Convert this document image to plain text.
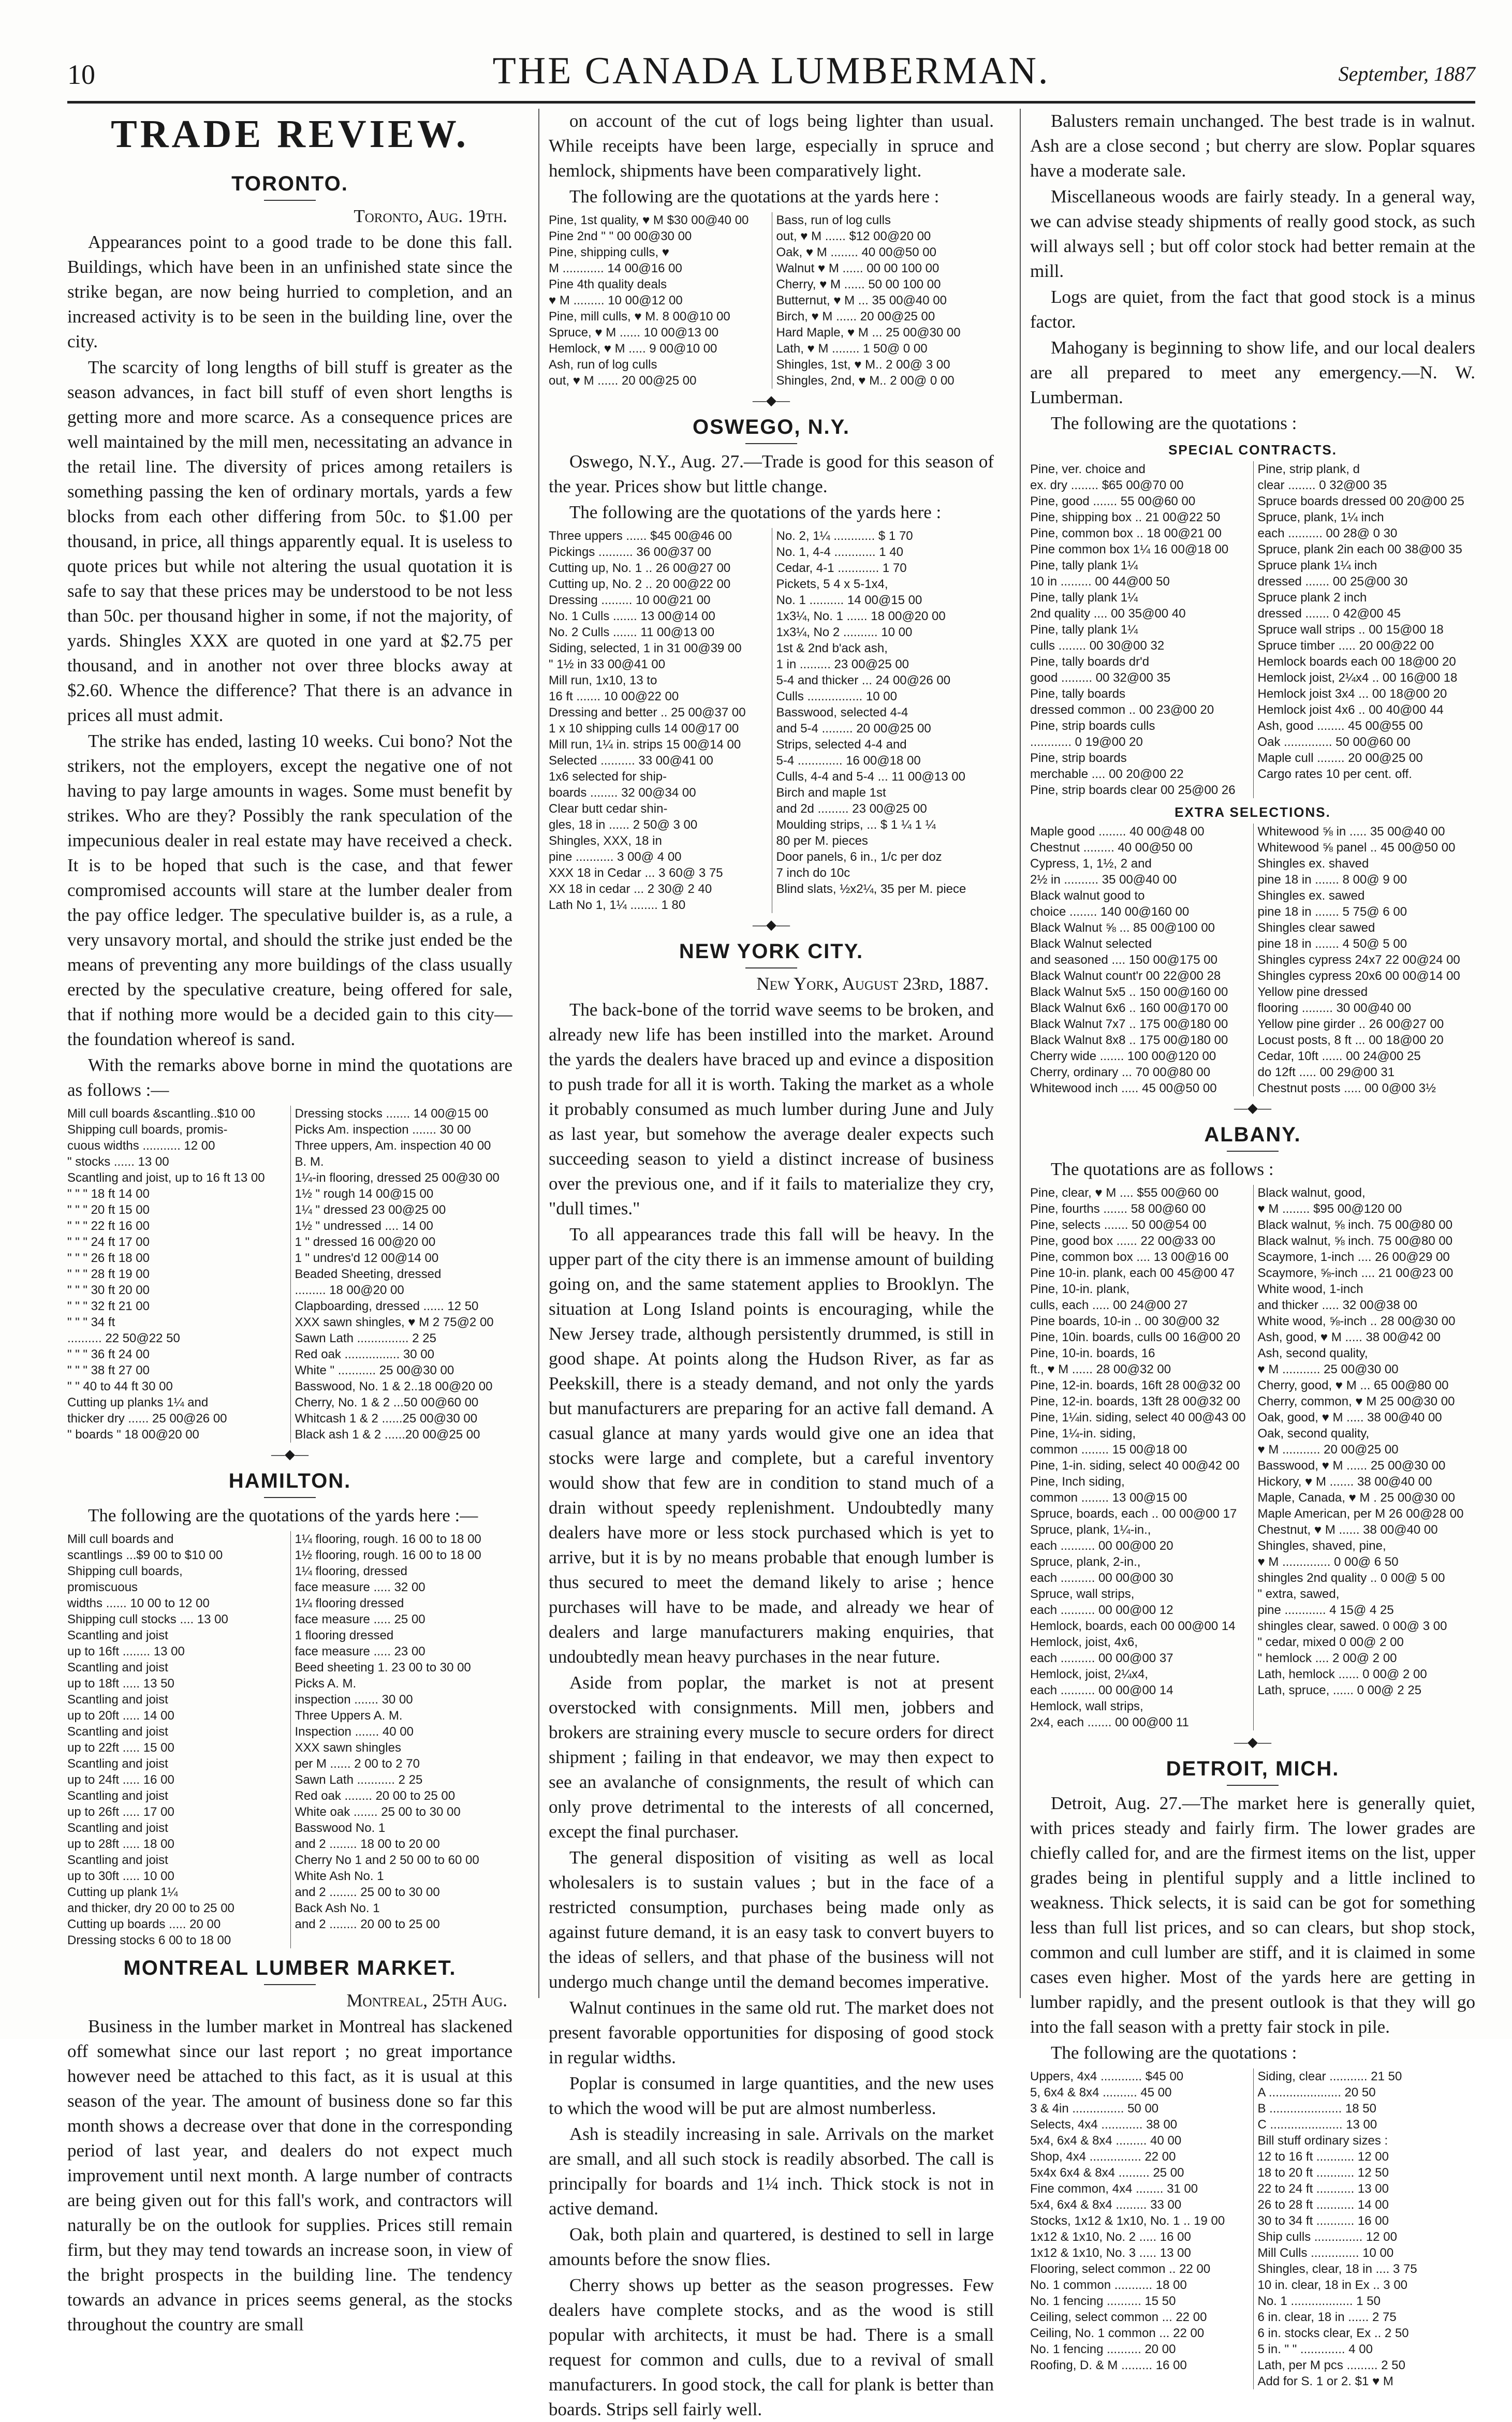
10	THE CANADA LUMBERMAN.	September, 1887
TRADE REVIEW.
TORONTO.
Toronto, Aug. 19th.
Appearances point to a good trade to be done this fall. Buildings, which have been in an unfinished state since the strike began, are now being hurried to completion, and an increased activity is to be seen in the building line, over the city.
The scarcity of long lengths of bill stuff is greater as the season advances, in fact bill stuff of even short lengths is getting more and more scarce. As a consequence prices are well maintained by the mill men, necessitating an advance in the retail line. The diversity of prices among retailers is something passing the ken of ordinary mortals, yards a few blocks from each other differing from 50c. to $1.00 per thousand, in price, all things apparently equal. It is useless to quote prices but while not altering the usual quotation it is safe to say that these prices may be understood to be not less than 50c. per thousand higher in some, if not the majority, of yards. Shingles XXX are quoted in one yard at $2.75 per thousand, and in another not over three blocks away at $2.60. Whence the difference? That there is an advance in prices all must admit.
The strike has ended, lasting 10 weeks. Cui bono? Not the strikers, not the employers, except the negative one of not having to pay large amounts in wages. Some must benefit by strikes. Who are they? Possibly the rank speculation of the impecunious dealer in real estate may have received a check. It is to be hoped that such is the case, and that fewer compromised accounts will stare at the lumber dealer from the pay office ledger. The speculative builder is, as a rule, a very unsavory mortal, and should the strike just ended be the means of preventing any more buildings of the class usually erected by the speculative creature, being offered for sale, that if nothing more would be a decided gain to this city— the foundation whereof is sand.
With the remarks above borne in mind the quotations are as follows :—
Mill cull boards &scantling..$10 00
Shipping cull boards, promis-
cuous widths ........... 12 00
" stocks ...... 13 00
Scantling and joist, up to 16 ft 13 00
" " " 18 ft 14 00
" " " 20 ft 15 00
" " " 22 ft 16 00
" " " 24 ft 17 00
" " " 26 ft 18 00
" " " 28 ft 19 00
" " " 30 ft 20 00
" " " 32 ft 21 00
" " " 34 ft
.......... 22 50@22 50
" " " 36 ft 24 00
" " " 38 ft 27 00
" " 40 to 44 ft 30 00
Cutting up planks 1¼ and
thicker dry ...... 25 00@26 00
" boards " 18 00@20 00
Dressing stocks ....... 14 00@15 00
Picks Am. inspection ....... 30 00
Three uppers, Am. inspection 40 00
B. M.
1¼-in flooring, dressed 25 00@30 00
1½ " rough 14 00@15 00
1¼ " dressed 23 00@25 00
1½ " undressed .... 14 00
1 " dressed 16 00@20 00
1 " undres'd 12 00@14 00
Beaded Sheeting, dressed
......... 18 00@20 00
Clapboarding, dressed ...... 12 50
XXX sawn shingles, ♥ M 2 75@2 00
Sawn Lath ............... 2 25
Red oak ................ 30 00
White " ........... 25 00@30 00
Basswood, No. 1 & 2..18 00@20 00
Cherry, No. 1 & 2 ...50 00@60 00
Whitcash 1 & 2 ......25 00@30 00
Black ash 1 & 2 ......20 00@25 00
—◆—
HAMILTON.
The following are the quotations of the yards here :—
Mill cull boards and
scantlings ...$9 00 to $10 00
Shipping cull boards,
promiscuous
widths ...... 10 00 to 12 00
Shipping cull stocks .... 13 00
Scantling and joist
up to 16ft ........ 13 00
Scantling and joist
up to 18ft ..... 13 50
Scantling and joist
up to 20ft ..... 14 00
Scantling and joist
up to 22ft ..... 15 00
Scantling and joist
up to 24ft ..... 16 00
Scantling and joist
up to 26ft ..... 17 00
Scantling and joist
up to 28ft ..... 18 00
Scantling and joist
up to 30ft ..... 10 00
Cutting up plank 1¼
and thicker, dry 20 00 to 25 00
Cutting up boards ..... 20 00
Dressing stocks 6 00 to 18 00
1¼ flooring, rough. 16 00 to 18 00
1½ flooring, rough. 16 00 to 18 00
1¼ flooring, dressed
face measure ..... 32 00
1¼ flooring dressed
face measure ..... 25 00
1 flooring dressed
face measure ..... 23 00
Beed sheeting 1. 23 00 to 30 00
Picks A. M.
inspection ....... 30 00
Three Uppers A. M.
Inspection ....... 40 00
XXX sawn shingles
per M ...... 2 00 to 2 70
Sawn Lath ........... 2 25
Red oak ........ 20 00 to 25 00
White oak ....... 25 00 to 30 00
Basswood No. 1
and 2 ........ 18 00 to 20 00
Cherry No 1 and 2 50 00 to 60 00
White Ash No. 1
and 2 ........ 25 00 to 30 00
Back Ash No. 1
and 2 ........ 20 00 to 25 00
MONTREAL LUMBER MARKET.
Montreal, 25th Aug.
Business in the lumber market in Montreal has slackened off somewhat since our last report ; no great importance however need be attached to this fact, as it is usual at this season of the year. The amount of business done so far this month shows a decrease over that done in the corresponding period of last year, and dealers do not expect much improvement until next month. A large number of contracts are being given out for this fall's work, and contractors will naturally be on the outlook for supplies. Prices still remain firm, but they may tend towards an increase soon, in view of the bright prospects in the building line. The tendency towards an advance in prices seems general, as the stocks throughout the country are small
on account of the cut of logs being lighter than usual. While receipts have been large, especially in spruce and hemlock, shipments have been comparatively light.
The following are the quotations at the yards here :
Pine, 1st quality, ♥ M $30 00@40 00
Pine 2nd " " 00 00@30 00
Pine, shipping culls, ♥
M ............ 14 00@16 00
Pine 4th quality deals
♥ M ......... 10 00@12 00
Pine, mill culls, ♥ M. 8 00@10 00
Spruce, ♥ M ...... 10 00@13 00
Hemlock, ♥ M ..... 9 00@10 00
Ash, run of log culls
out, ♥ M ...... 20 00@25 00
Bass, run of log culls
out, ♥ M ...... $12 00@20 00
Oak, ♥ M ........ 40 00@50 00
Walnut ♥ M ...... 00 00 100 00
Cherry, ♥ M ...... 50 00 100 00
Butternut, ♥ M ... 35 00@40 00
Birch, ♥ M ...... 20 00@25 00
Hard Maple, ♥ M ... 25 00@30 00
Lath, ♥ M ........ 1 50@ 0 00
Shingles, 1st, ♥ M.. 2 00@ 3 00
Shingles, 2nd, ♥ M.. 2 00@ 0 00
—◆—
OSWEGO, N.Y.
Oswego, N.Y., Aug. 27.—Trade is good for this season of the year. Prices show but little change.
The following are the quotations of the yards here :
Three uppers ...... $45 00@46 00
Pickings .......... 36 00@37 00
Cutting up, No. 1 .. 26 00@27 00
Cutting up, No. 2 .. 20 00@22 00
Dressing ......... 10 00@21 00
No. 1 Culls ....... 13 00@14 00
No. 2 Culls ....... 11 00@13 00
Siding, selected, 1 in 31 00@39 00
" 1½ in 33 00@41 00
Mill run, 1x10, 13 to
16 ft ....... 10 00@22 00
Dressing and better .. 25 00@37 00
1 x 10 shipping culls 14 00@17 00
Mill run, 1¼ in. strips 15 00@14 00
Selected .......... 33 00@41 00
1x6 selected for ship-
boards ........ 32 00@34 00
Clear butt cedar shin-
gles, 18 in ...... 2 50@ 3 00
Shingles, XXX, 18 in
pine ........... 3 00@ 4 00
XXX 18 in Cedar ... 3 60@ 3 75
XX 18 in cedar ... 2 30@ 2 40
Lath No 1, 1¼ ........ 1 80
No. 2, 1¼ ............ $ 1 70
No. 1, 4-4 ............ 1 40
Cedar, 4-1 ............ 1 70
Pickets, 5 4 x 5-1x4,
No. 1 .......... 14 00@15 00
1x3¼, No. 1 ...... 18 00@20 00
1x3¼, No 2 .......... 10 00
1st & 2nd b'ack ash,
1 in ......... 23 00@25 00
5-4 and thicker ... 24 00@26 00
Culls ................ 10 00
Basswood, selected 4-4
and 5-4 ......... 20 00@25 00
Strips, selected 4-4 and
5-4 ............. 16 00@18 00
Culls, 4-4 and 5-4 ... 11 00@13 00
Birch and maple 1st
and 2d ......... 23 00@25 00
Moulding strips, ... $ 1 ¼ 1 ¼
80 per M. pieces
Door panels, 6 in., 1/c per doz
7 inch do 10c
Blind slats, ½x2¼, 35 per M. piece
—◆—
NEW YORK CITY.
New York, August 23rd, 1887.
The back-bone of the torrid wave seems to be broken, and already new life has been instilled into the market. Around the yards the dealers have braced up and evince a disposition to push trade for all it is worth. Taking the market as a whole it probably consumed as much lumber during June and July as last year, but somehow the average dealer expects such succeeding season to yield a distinct increase of business over the previous one, and if it fails to materialize they cry, "dull times."
To all appearances trade this fall will be heavy. In the upper part of the city there is an immense amount of building going on, and the same statement applies to Brooklyn. The situation at Long Island points is encouraging, while the New Jersey trade, although persistently drummed, is still in good shape. At points along the Hudson River, as far as Peekskill, there is a steady demand, and not only the yards but manufacturers are preparing for an active fall demand. A casual glance at many yards would give one an idea that stocks were large and complete, but a careful inventory would show that few are in condition to stand much of a drain without speedy replenishment. Undoubtedly many dealers have more or less stock purchased which is yet to arrive, but it is by no means probable that enough lumber is thus secured to meet the demand likely to arise ; hence purchases will have to be made, and already we hear of dealers and large manufacturers making enquiries, that undoubtedly mean heavy purchases in the near future.
Aside from poplar, the market is not at present overstocked with consignments. Mill men, jobbers and brokers are straining every muscle to secure orders for direct shipment ; failing in that endeavor, we may then expect to see an avalanche of consignments, the result of which can only prove detrimental to the interests of all concerned, except the final purchaser.
The general disposition of visiting as well as local wholesalers is to sustain values ; but in the face of a restricted consumption, purchases being made only as against future demand, it is an easy task to convert buyers to the ideas of sellers, and that phase of the business will not undergo much change until the demand becomes imperative.
Walnut continues in the same old rut. The market does not present favorable opportunities for disposing of good stock in regular widths.
Poplar is consumed in large quantities, and the new uses to which the wood will be put are almost numberless.
Ash is steadily increasing in sale. Arrivals on the market are small, and all such stock is readily absorbed. The call is principally for boards and 1¼ inch. Thick stock is not in active demand.
Oak, both plain and quartered, is destined to sell in large amounts before the snow flies.
Cherry shows up better as the season progresses. Few dealers have complete stocks, and as the wood is still popular with architects, it must be had. There is a small request for common and culls, due to a revival of small manufacturers. In good stock, the call for plank is better than boards. Strips sell fairly well.
Balusters remain unchanged. The best trade is in walnut. Ash are a close second ; but cherry are slow. Poplar squares have a moderate sale.
Miscellaneous woods are fairly steady. In a general way, we can advise steady shipments of really good stock, as such will always sell ; but off color stock had better remain at the mill.
Logs are quiet, from the fact that good stock is a minus factor.
Mahogany is beginning to show life, and our local dealers are all prepared to meet any emergency.—N. W. Lumberman.
The following are the quotations :
SPECIAL CONTRACTS.
Pine, ver. choice and
ex. dry ........ $65 00@70 00
Pine, good ....... 55 00@60 00
Pine, shipping box .. 21 00@22 50
Pine, common box .. 18 00@21 00
Pine common box 1¼ 16 00@18 00
Pine, tally plank 1¼
10 in ......... 00 44@00 50
Pine, tally plank 1¼
2nd quality .... 00 35@00 40
Pine, tally plank 1¼
culls ........ 00 30@00 32
Pine, tally boards dr'd
good ......... 00 32@00 35
Pine, tally boards
dressed common .. 00 23@00 20
Pine, strip boards culls
............ 0 19@00 20
Pine, strip boards
merchable .... 00 20@00 22
Pine, strip boards clear 00 25@00 26
Pine, strip plank, d
clear ........ 0 32@00 35
Spruce boards dressed 00 20@00 25
Spruce, plank, 1¼ inch
each .......... 00 28@ 0 30
Spruce, plank 2in each 00 38@00 35
Spruce plank 1¼ inch
dressed ....... 00 25@00 30
Spruce plank 2 inch
dressed ....... 0 42@00 45
Spruce wall strips .. 00 15@00 18
Spruce timber ..... 20 00@22 00
Hemlock boards each 00 18@00 20
Hemlock joist, 2¼x4 .. 00 16@00 18
Hemlock joist 3x4 ... 00 18@00 20
Hemlock joist 4x6 .. 00 40@00 44
Ash, good ........ 45 00@55 00
Oak .............. 50 00@60 00
Maple cull ........ 20 00@25 00
Cargo rates 10 per cent. off.
EXTRA SELECTIONS.
Maple good ........ 40 00@48 00
Chestnut ......... 40 00@50 00
Cypress, 1, 1½, 2 and
2½ in .......... 35 00@40 00
Black walnut good to
choice ........ 140 00@160 00
Black Walnut ⅝ ... 85 00@100 00
Black Walnut selected
and seasoned .... 150 00@175 00
Black Walnut count'r 00 22@00 28
Black Walnut 5x5 .. 150 00@160 00
Black Walnut 6x6 .. 160 00@170 00
Black Walnut 7x7 .. 175 00@180 00
Black Walnut 8x8 .. 175 00@180 00
Cherry wide ....... 100 00@120 00
Cherry, ordinary ... 70 00@80 00
Whitewood inch ..... 45 00@50 00
Whitewood ⅝ in ..... 35 00@40 00
Whitewood ⅝ panel .. 45 00@50 00
Shingles ex. shaved
pine 18 in ....... 8 00@ 9 00
Shingles ex. sawed
pine 18 in ....... 5 75@ 6 00
Shingles clear sawed
pine 18 in ....... 4 50@ 5 00
Shingles cypress 24x7 22 00@24 00
Shingles cypress 20x6 00 00@14 00
Yellow pine dressed
flooring ......... 30 00@40 00
Yellow pine girder .. 26 00@27 00
Locust posts, 8 ft ... 00 18@00 20
Cedar, 10ft ...... 00 24@00 25
do 12ft ..... 00 29@00 31
Chestnut posts ..... 00 0@00 3½
—◆—
ALBANY.
The quotations are as follows :
Pine, clear, ♥ M .... $55 00@60 00
Pine, fourths ....... 58 00@60 00
Pine, selects ....... 50 00@54 00
Pine, good box ...... 22 00@33 00
Pine, common box .... 13 00@16 00
Pine 10-in. plank, each 00 45@00 47
Pine, 10-in. plank,
culls, each ..... 00 24@00 27
Pine boards, 10-in .. 00 30@00 32
Pine, 10in. boards, culls 00 16@00 20
Pine, 10-in. boards, 16
ft., ♥ M ...... 28 00@32 00
Pine, 12-in. boards, 16ft 28 00@32 00
Pine, 12-in. boards, 13ft 28 00@32 00
Pine, 1¼in. siding, select 40 00@43 00
Pine, 1¼-in. siding,
common ........ 15 00@18 00
Pine, 1-in. siding, select 40 00@42 00
Pine, Inch siding,
common ........ 13 00@15 00
Spruce, boards, each .. 00 00@00 17
Spruce, plank, 1¼-in.,
each .......... 00 00@00 20
Spruce, plank, 2-in.,
each .......... 00 00@00 30
Spruce, wall strips,
each .......... 00 00@00 12
Hemlock, boards, each 00 00@00 14
Hemlock, joist, 4x6,
each .......... 00 00@00 37
Hemlock, joist, 2¼x4,
each .......... 00 00@00 14
Hemlock, wall strips,
2x4, each ....... 00 00@00 11
Black walnut, good,
♥ M ........ $95 00@120 00
Black walnut, ⅝ inch. 75 00@80 00
Black walnut, ⅝ inch. 75 00@80 00
Scaymore, 1-inch .... 26 00@29 00
Scaymore, ⅝-inch .... 21 00@23 00
White wood, 1-inch
and thicker ..... 32 00@38 00
White wood, ⅝-inch .. 28 00@30 00
Ash, good, ♥ M ..... 38 00@42 00
Ash, second quality,
♥ M ........... 25 00@30 00
Cherry, good, ♥ M ... 65 00@80 00
Cherry, common, ♥ M 25 00@30 00
Oak, good, ♥ M ..... 38 00@40 00
Oak, second quality,
♥ M ........... 20 00@25 00
Basswood, ♥ M ...... 25 00@30 00
Hickory, ♥ M ....... 38 00@40 00
Maple, Canada, ♥ M . 25 00@30 00
Maple American, per M 26 00@28 00
Chestnut, ♥ M ...... 38 00@40 00
Shingles, shaved, pine,
♥ M .............. 0 00@ 6 50
shingles 2nd quality .. 0 00@ 5 00
" extra, sawed,
pine ............ 4 15@ 4 25
shingles clear, sawed. 0 00@ 3 00
" cedar, mixed 0 00@ 2 00
" hemlock .... 2 00@ 2 00
Lath, hemlock ...... 0 00@ 2 00
Lath, spruce, ...... 0 00@ 2 25
—◆—
DETROIT, MICH.
Detroit, Aug. 27.—The market here is generally quiet, with prices steady and fairly firm. The lower grades are chiefly called for, and are the firmest items on the list, upper grades being in plentiful supply and a little inclined to weakness. Thick selects, it is said can be got for something less than full list prices, and so can clears, but shop stock, common and cull lumber are stiff, and it is claimed in some cases even higher. Most of the yards here are getting in lumber rapidly, and the present outlook is that they will go into the fall season with a pretty fair stock in pile.
The following are the quotations :
Uppers, 4x4 ............ $45 00
5, 6x4 & 8x4 .......... 45 00
3 & 4in ............... 50 00
Selects, 4x4 ............ 38 00
5x4, 6x4 & 8x4 ......... 40 00
Shop, 4x4 ............... 22 00
5x4x 6x4 & 8x4 ......... 25 00
Fine common, 4x4 ........ 31 00
5x4, 6x4 & 8x4 ......... 33 00
Stocks, 1x12 & 1x10, No. 1 .. 19 00
1x12 & 1x10, No. 2 ..... 16 00
1x12 & 1x10, No. 3 ..... 13 00
Flooring, select common .. 22 00
No. 1 common ........... 18 00
No. 1 fencing .......... 15 50
Ceiling, select common ... 22 00
Ceiling, No. 1 common ... 22 00
No. 1 fencing .......... 20 00
Roofing, D. & M ......... 16 00
Siding, clear ........... 21 50
A ..................... 20 50
B ..................... 18 50
C ..................... 13 00
Bill stuff ordinary sizes :
12 to 16 ft ........... 12 00
18 to 20 ft ........... 12 50
22 to 24 ft ........... 13 00
26 to 28 ft ........... 14 00
30 to 34 ft ........... 16 00
Ship culls .............. 12 00
Mill Culls .............. 10 00
Shingles, clear, 18 in .... 3 75
10 in. clear, 18 in Ex .. 3 00
No. 1 .................. 1 50
6 in. clear, 18 in ...... 2 75
6 in. stocks clear, Ex .. 2 50
5 in. " " ............. 4 00
Lath, per M pcs ......... 2 50
Add for S. 1 or 2. $1 ♥ M
